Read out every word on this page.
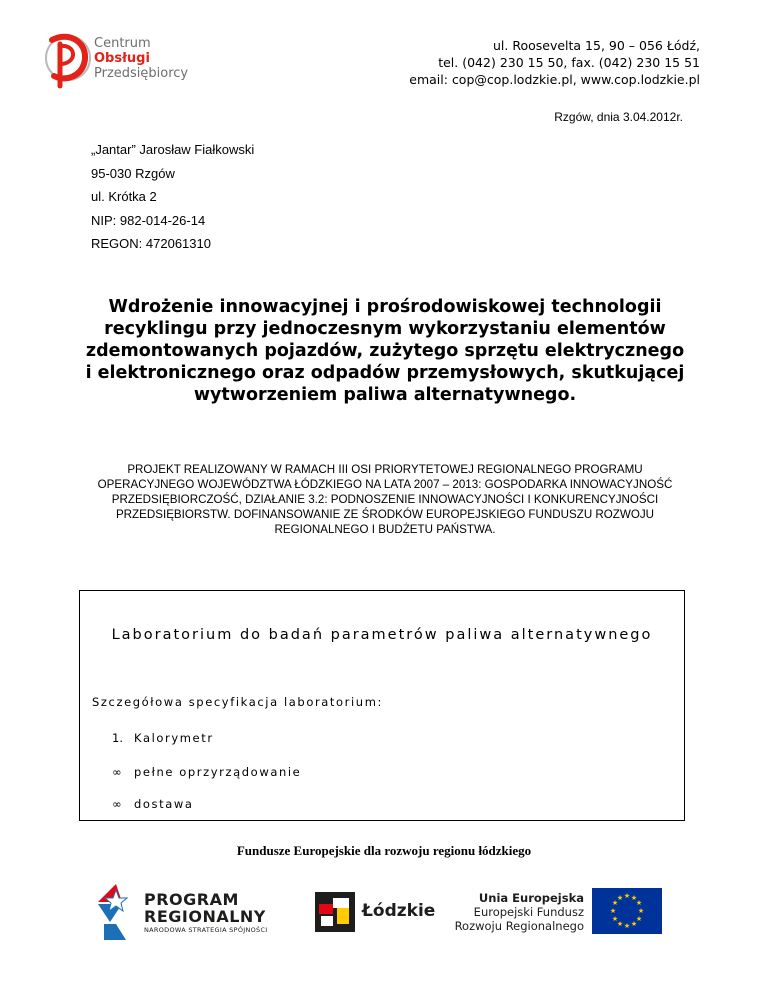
Centrum
Obsługi
Przedsiębiorcy
ul. Roosevelta 15, 90 – 056 Łódź,
tel. (042) 230 15 50, fax. (042) 230 15 51
email: cop@cop.lodzkie.pl, www.cop.lodzkie.pl
Rzgów, dnia 3.04.2012r.
„Jantar” Jarosław Fiałkowski
95-030 Rzgów
ul. Krótka 2
NIP: 982-014-26-14
REGON: 472061310
Wdrożenie innowacyjnej i prośrodowiskowej technologii recyklingu przy jednoczesnym wykorzystaniu elementów zdemontowanych pojazdów, zużytego sprzętu elektrycznego i elektronicznego oraz odpadów przemysłowych, skutkującej wytworzeniem paliwa alternatywnego.
PROJEKT REALIZOWANY W RAMACH III OSI PRIORYTETOWEJ REGIONALNEGO PROGRAMU OPERACYJNEGO WOJEWÓDZTWA ŁÓDZKIEGO NA LATA 2007 – 2013: GOSPODARKA INNOWACYJNOŚĆ PRZEDSIĘBIORCZOŚĆ, DZIAŁANIE 3.2: PODNOSZENIE INNOWACYJNOŚCI I KONKURENCYJNOŚCI PRZEDSIĘBIORSTW. DOFINANSOWANIE ZE ŚRODKÓW EUROPEJSKIEGO FUNDUSZU ROZWOJU REGIONALNEGO I BUDŻETU PAŃSTWA.
Laboratorium do badań parametrów paliwa alternatywnego
Szczegółowa specyfikacja laboratorium:
1. Kalorymetr
∞ pełne oprzyrządowanie
∞ dostawa
Fundusze Europejskie dla rozwoju regionu łódzkiego
PROGRAM
REGIONALNY
NARODOWA STRATEGIA SPÓJNOŚCI
Łódzkie
Unia Europejska
Europejski Fundusz
Rozwoju Regionalnego
★ ★
★
★
★
★
★
★
★
★
★
★
